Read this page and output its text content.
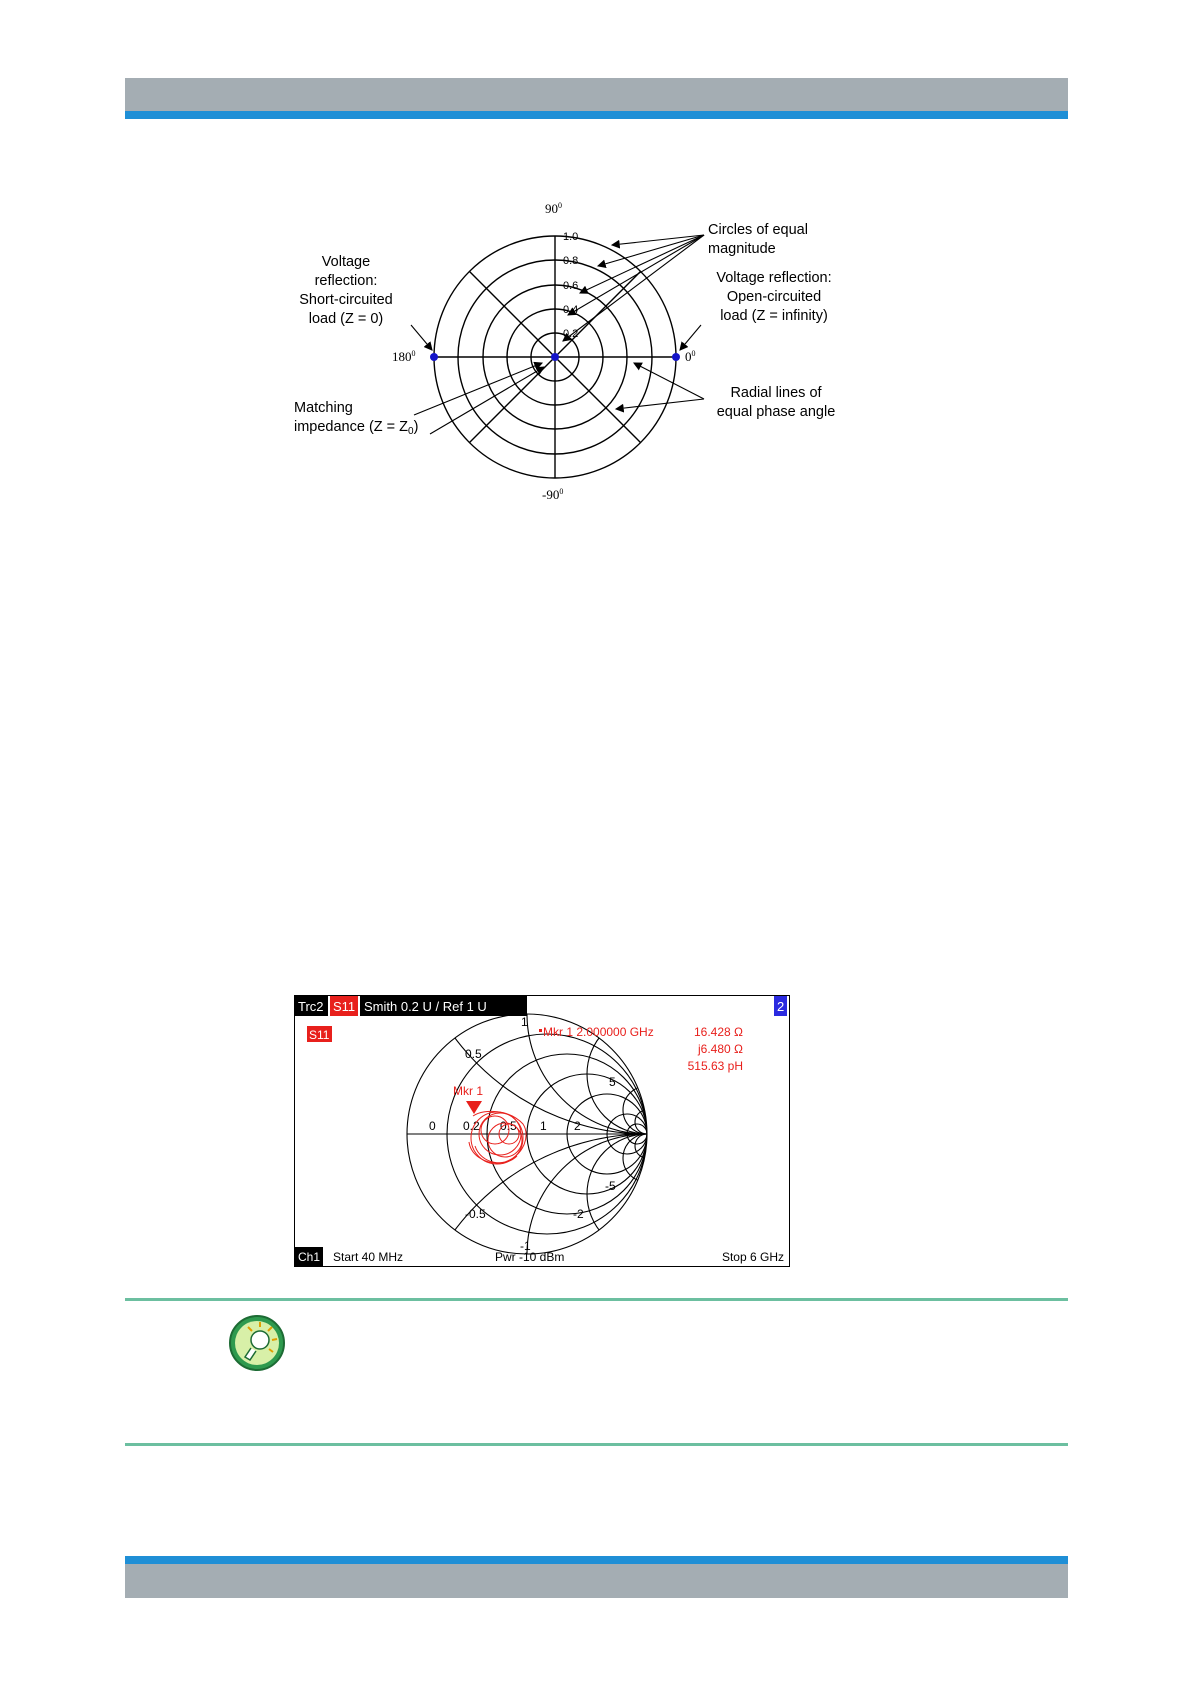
1.0
0.8
0.6
0.4
0.2
$90^0$
$-90^0$
$180^0$	$0^0$
Circles of equal
magnitude
Voltage
reflection:
Short-circuited
load (Z = 0)
Voltage reflection:
Open-circuited
load (Z = infinity)
Matching
impedance $(Z = Z_0)$
Radial lines of
equal phase angle
Trc2 S11 Smith 0.2 U / Ref 1 U	2
S11
0 0.2 0.5 1 2
1
0.5
5
-0.5
-1
-2
-5
Mkr 1
Mkr 1 2.000000 GHz	16.428 Ω
j6.480 Ω
515.63 pH
Ch1 Start 40 MHz	Pwr -10 dBm	Stop 6 GHz
